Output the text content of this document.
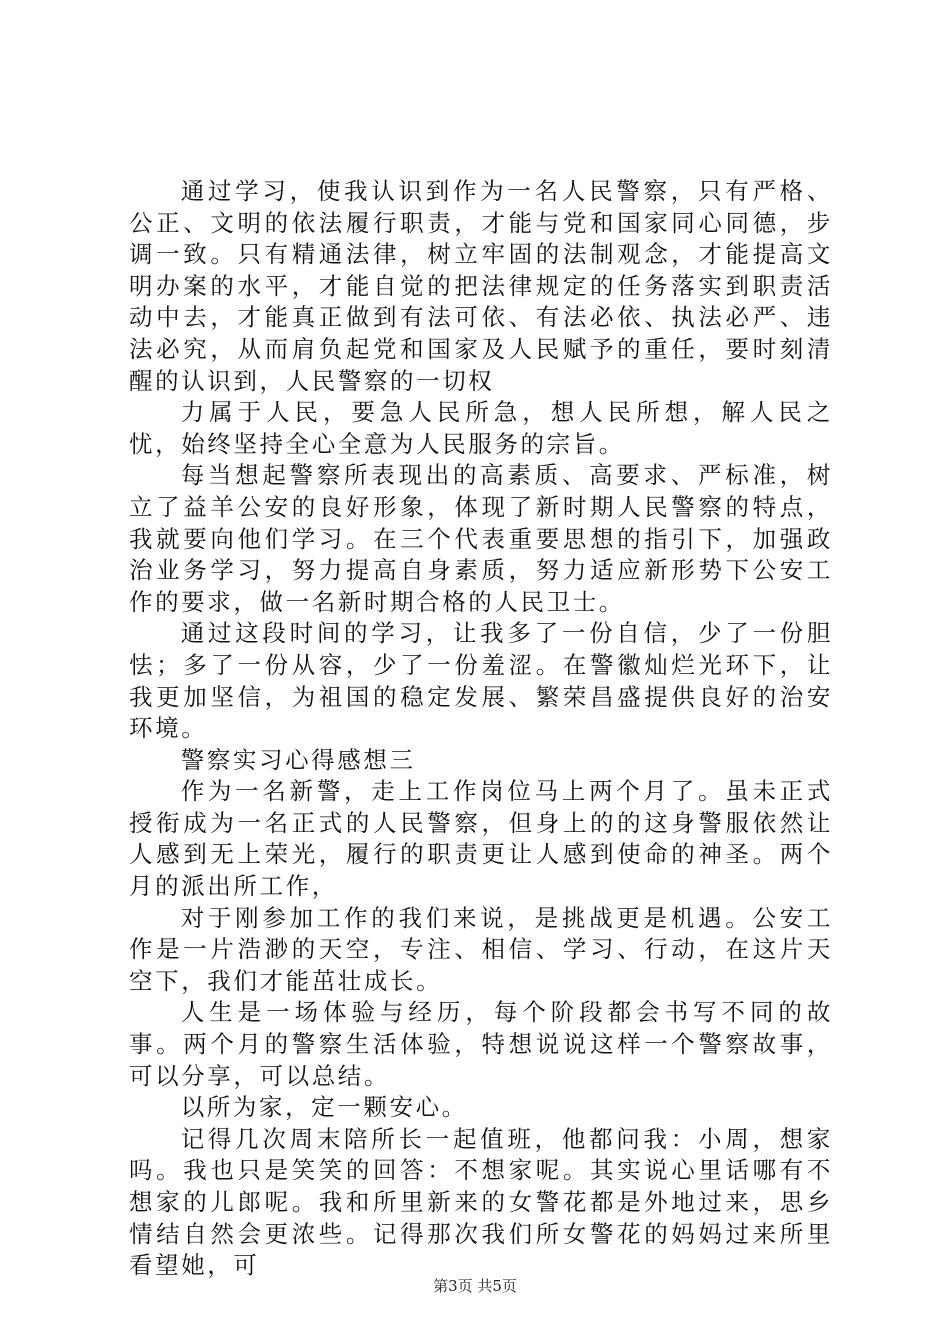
通过学习，使我认识到作为一名人民警察，只有严格、公正、文明的依法履行职责，才能与党和国家同心同德，步调一致。只有精通法律，树立牢固的法制观念，才能提高文明办案的水平，才能自觉的把法律规定的任务落实到职责活动中去，才能真正做到有法可依、有法必依、执法必严、违法必究，从而肩负起党和国家及人民赋予的重任，要时刻清醒的认识到，人民警察的一切权

力属于人民，要急人民所急，想人民所想，解人民之忧，始终坚持全心全意为人民服务的宗旨。

每当想起警察所表现出的高素质、高要求、严标准，树立了益羊公安的良好形象，体现了新时期人民警察的特点，我就要向他们学习。在三个代表重要思想的指引下，加强政治业务学习，努力提高自身素质，努力适应新形势下公安工作的要求，做一名新时期合格的人民卫士。

通过这段时间的学习，让我多了一份自信，少了一份胆怯；多了一份从容，少了一份羞涩。在警徽灿烂光环下，让我更加坚信，为祖国的稳定发展、繁荣昌盛提供良好的治安环境。

警察实习心得感想三

作为一名新警，走上工作岗位马上两个月了。虽未正式授衔成为一名正式的人民警察，但身上的的这身警服依然让人感到无上荣光，履行的职责更让人感到使命的神圣。两个月的派出所工作，

对于刚参加工作的我们来说，是挑战更是机遇。公安工作是一片浩渺的天空，专注、相信、学习、行动，在这片天空下，我们才能茁壮成长。

人生是一场体验与经历，每个阶段都会书写不同的故事。两个月的警察生活体验，特想说说这样一个警察故事，可以分享，可以总结。

以所为家，定一颗安心。

记得几次周末陪所长一起值班，他都问我：小周，想家吗。我也只是笑笑的回答：不想家呢。其实说心里话哪有不想家的儿郎呢。我和所里新来的女警花都是外地过来，思乡情结自然会更浓些。记得那次我们所女警花的妈妈过来所里看望她，可

第3页 共5页
